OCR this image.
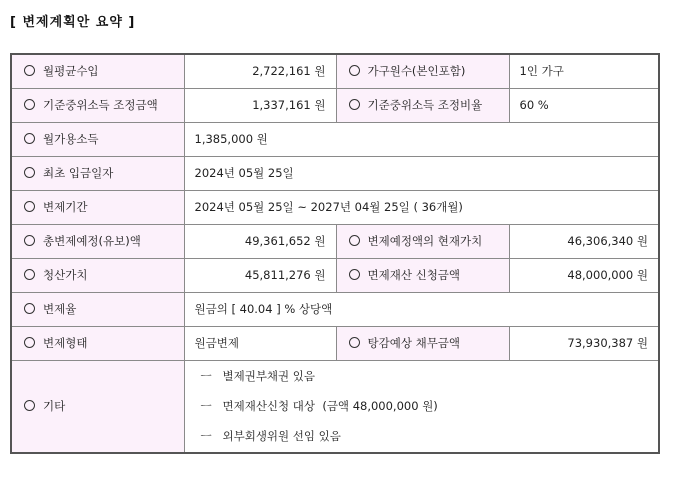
[ 변제계획안 요약 ]
월평균수입	2,722,161 원	가구원수(본인포함)	1인 가구
기준중위소득 조정금액	1,337,161 원	기준중위소득 조정비율	60 %
월가용소득	1,385,000 원		
최초 입금일자	2024년 05월 25일		
변제기간	2024년 05월 25일 ~ 2027년 04월 25일 ( 36개월)		
총변제예정(유보)액	49,361,652 원	변제예정액의 현재가치	46,306,340 원
청산가치	45,811,276 원	면제재산 신청금액	48,000,000 원
변제율	원금의 [ 40.04 ] % 상당액		
변제형태	원금변제	탕감예상 채무금액	73,930,387 원
기타	ㅡ 별제권부채권 있음
ㅡ 면제재산신청 대상  (금액 48,000,000 원)
ㅡ 외부회생위원 선임 있음		
